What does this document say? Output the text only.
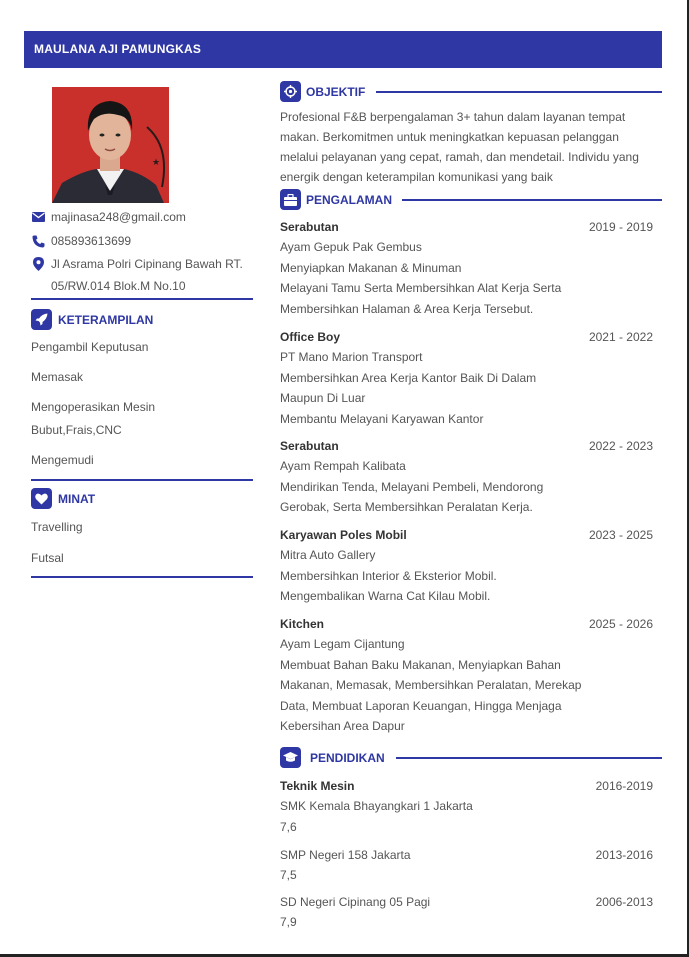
MAULANA AJI PAMUNGKAS
★
majinasa248@gmail.com
085893613699
Jl Asrama Polri Cipinang Bawah RT.
05/RW.014 Blok.M No.10
KETERAMPILAN
Pengambil Keputusan
Memasak
Mengoperasikan Mesin
Bubut,Frais,CNC
Mengemudi
MINAT
Travelling
Futsal
OBJEKTIF
Profesional F&B berpengalaman 3+ tahun dalam layanan tempat makan. Berkomitmen untuk meningkatkan kepuasan pelanggan melalui pelayanan yang cepat, ramah, dan mendetail. Individu yang energik dengan keterampilan komunikasi yang baik
PENGALAMAN
Serabutan	2019 - 2019
Ayam Gepuk Pak Gembus
Menyiapkan Makanan & Minuman
Melayani Tamu Serta Membersihkan Alat Kerja Serta
Membersihkan Halaman & Area Kerja Tersebut.
Office Boy	2021 - 2022
PT Mano Marion Transport
Membersihkan Area Kerja Kantor Baik Di Dalam
Maupun Di Luar
Membantu Melayani Karyawan Kantor
Serabutan	2022 - 2023
Ayam Rempah Kalibata
Mendirikan Tenda, Melayani Pembeli, Mendorong
Gerobak, Serta Membersihkan Peralatan Kerja.
Karyawan Poles Mobil	2023 - 2025
Mitra Auto Gallery
Membersihkan Interior & Eksterior Mobil.
Mengembalikan Warna Cat Kilau Mobil.
Kitchen	2025 - 2026
Ayam Legam Cijantung
Membuat Bahan Baku Makanan, Menyiapkan Bahan
Makanan, Memasak, Membersihkan Peralatan, Merekap
Data, Membuat Laporan Keuangan, Hingga Menjaga
Kebersihan Area Dapur
PENDIDIKAN
Teknik Mesin	2016-2019
SMK Kemala Bhayangkari 1 Jakarta
7,6
SMP Negeri 158 Jakarta	2013-2016
7,5
SD Negeri Cipinang 05 Pagi	2006-2013
7,9
